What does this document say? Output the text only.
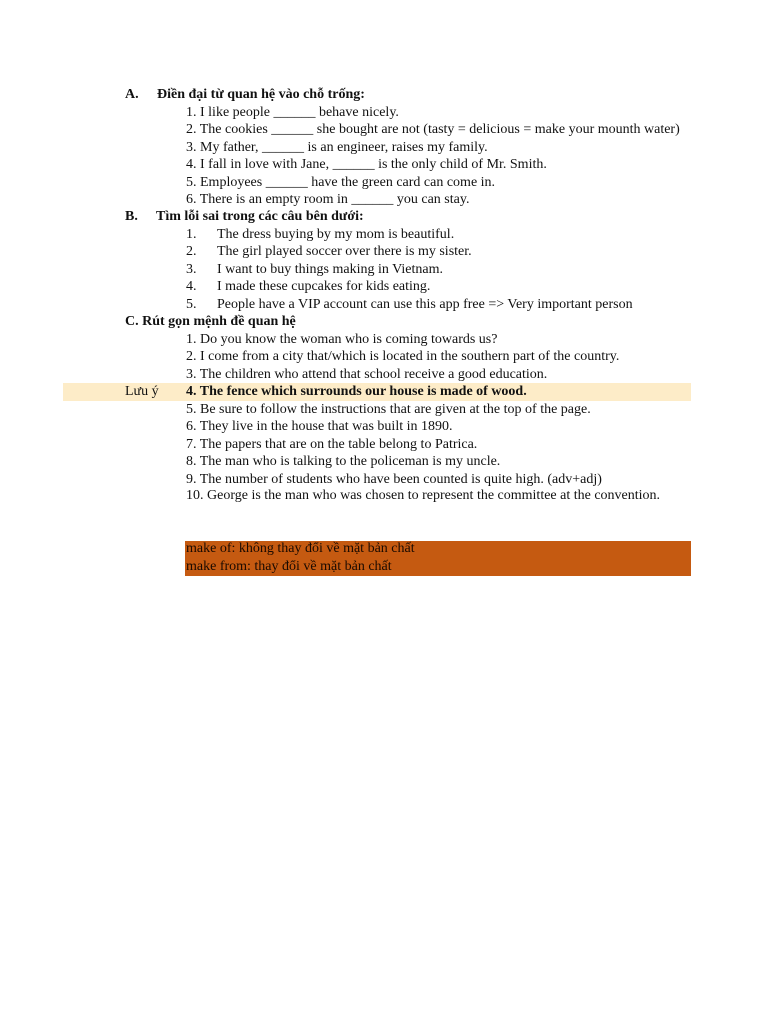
A. Điền đại từ quan hệ vào chỗ trống:
1. I like people ______ behave nicely.
2. The cookies ______ she bought are not (tasty = delicious = make your mounth water)
3. My father, ______ is an engineer, raises my family.
4. I fall in love with Jane, ______ is the only child of Mr. Smith.
5. Employees ______ have the green card can come in.
6. There is an empty room in ______ you can stay.
B. Tìm lỗi sai trong các câu bên dưới:
1. The dress buying by my mom is beautiful.
2. The girl played soccer over there is my sister.
3. I want to buy things making in Vietnam.
4. I made these cupcakes for kids eating.
5. People have a VIP account can use this app free => Very important person
C. Rút gọn mệnh đề quan hệ
1. Do you know the woman who is coming towards us?
2. I come from a city that/which is located in the southern part of the country.
3. The children who attend that school receive a good education.
Lưu ý 4. The fence which surrounds our house is made of wood.
5. Be sure to follow the instructions that are given at the top of the page.
6. They live in the house that was built in 1890.
7. The papers that are on the table belong to Patrica.
8. The man who is talking to the policeman is my uncle.
9. The number of students who have been counted is quite high. (adv+adj)
10. George is the man who was chosen to represent the committee at the convention.
make of: không thay đổi về mặt bản chất
make from: thay đổi về mặt bản chất
